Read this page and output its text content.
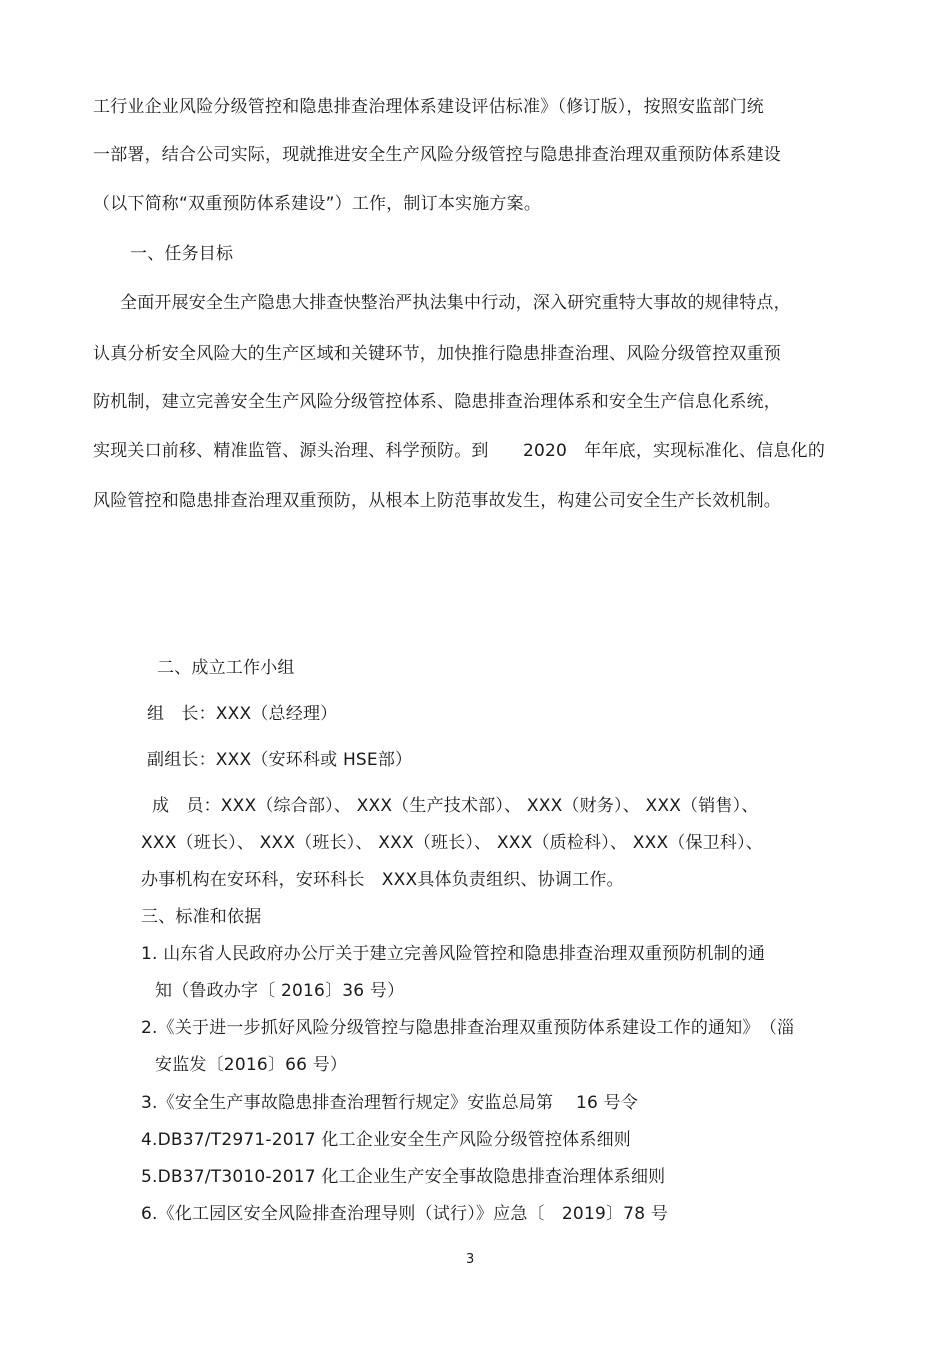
工行业企业风险分级管控和隐患排查治理体系建设评估标准》（修订版），按照安监部门统
一部署，结合公司实际，现就推进安全生产风险分级管控与隐患排查治理双重预防体系建设
（以下简称“双重预防体系建设”）工作，制订本实施方案。
一、任务目标
全面开展安全生产隐患大排查快整治严执法集中行动，深入研究重特大事故的规律特点，
认真分析安全风险大的生产区域和关键环节，加快推行隐患排查治理、风险分级管控双重预
防机制，建立完善安全生产风险分级管控体系、隐患排查治理体系和安全生产信息化系统，
实现关口前移、精准监管、源头治理、科学预防。到　　2020　年年底，实现标准化、信息化的
风险管控和隐患排查治理双重预防，从根本上防范事故发生，构建公司安全生产长效机制。
二、成立工作小组
组　长：XXX（总经理）
副组长：XXX（安环科或 HSE部）
成　员：XXX（综合部）、 XXX（生产技术部）、 XXX（财务）、 XXX（销售）、
XXX（班长）、 XXX（班长）、 XXX（班长）、 XXX（质检科）、 XXX（保卫科）、
办事机构在安环科，安环科长　XXX具体负责组织、协调工作。
三、标准和依据
1. 山东省人民政府办公厅关于建立完善风险管控和隐患排查治理双重预防机制的通
知（鲁政办字〔 2016〕36 号）
2.《关于进一步抓好风险分级管控与隐患排查治理双重预防体系建设工作的通知》　（淄
安监发〔2016〕66 号）
3.《安全生产事故隐患排查治理暂行规定》安监总局第　 16 号令
4.DB37/T2971-2017 化工企业安全生产风险分级管控体系细则
5.DB37/T3010-2017 化工企业生产安全事故隐患排查治理体系细则
6.《化工园区安全风险排查治理导则（试行）》应急〔　2019〕78 号
3
